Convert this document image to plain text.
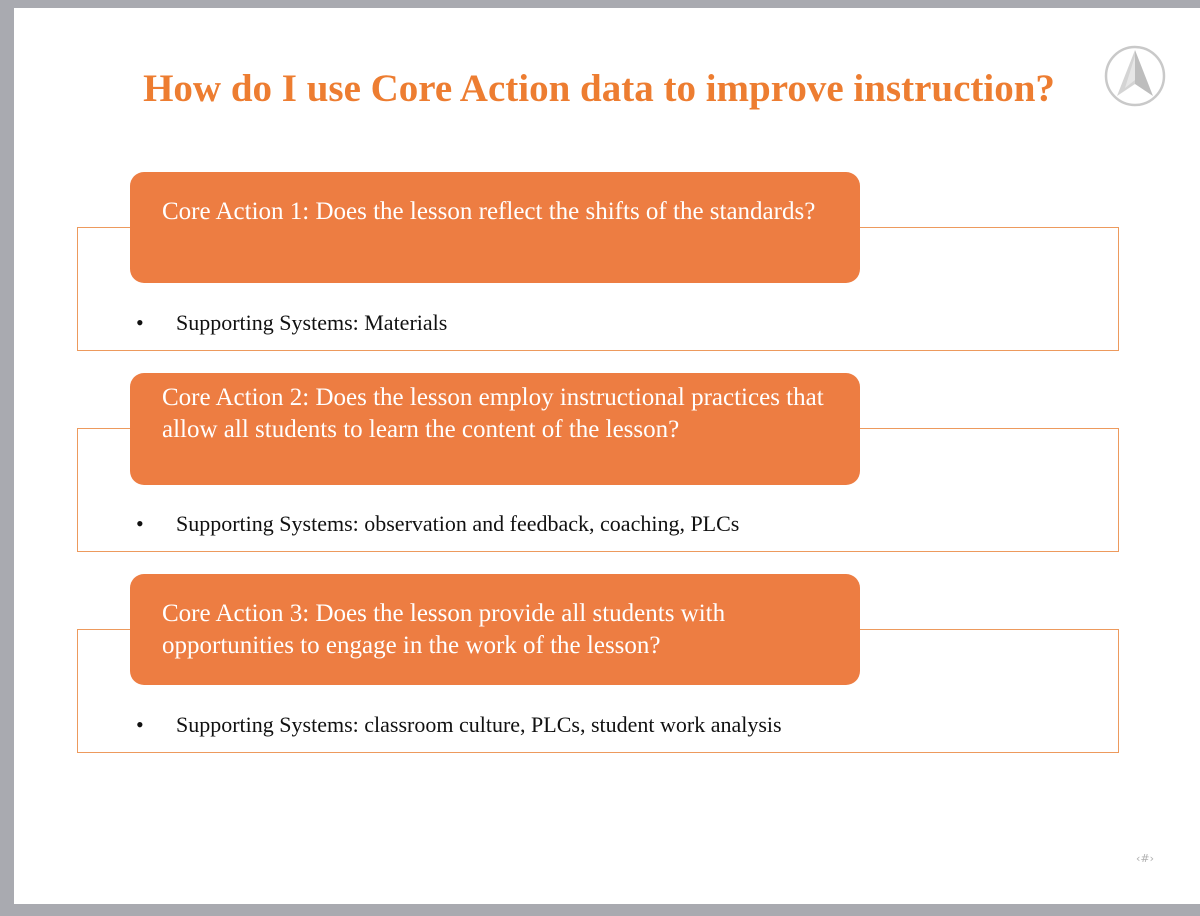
How do I use Core Action data to improve instruction?
• Supporting Systems: Materials
Core Action 1: Does the lesson reflect the shifts of the standards?
• Supporting Systems: observation and feedback, coaching, PLCs
Core Action 2: Does the lesson employ instructional practices that allow all students to learn the content of the lesson?
• Supporting Systems: classroom culture, PLCs, student work analysis
Core Action 3: Does the lesson provide all students with opportunities to engage in the work of the lesson?
‹#›
